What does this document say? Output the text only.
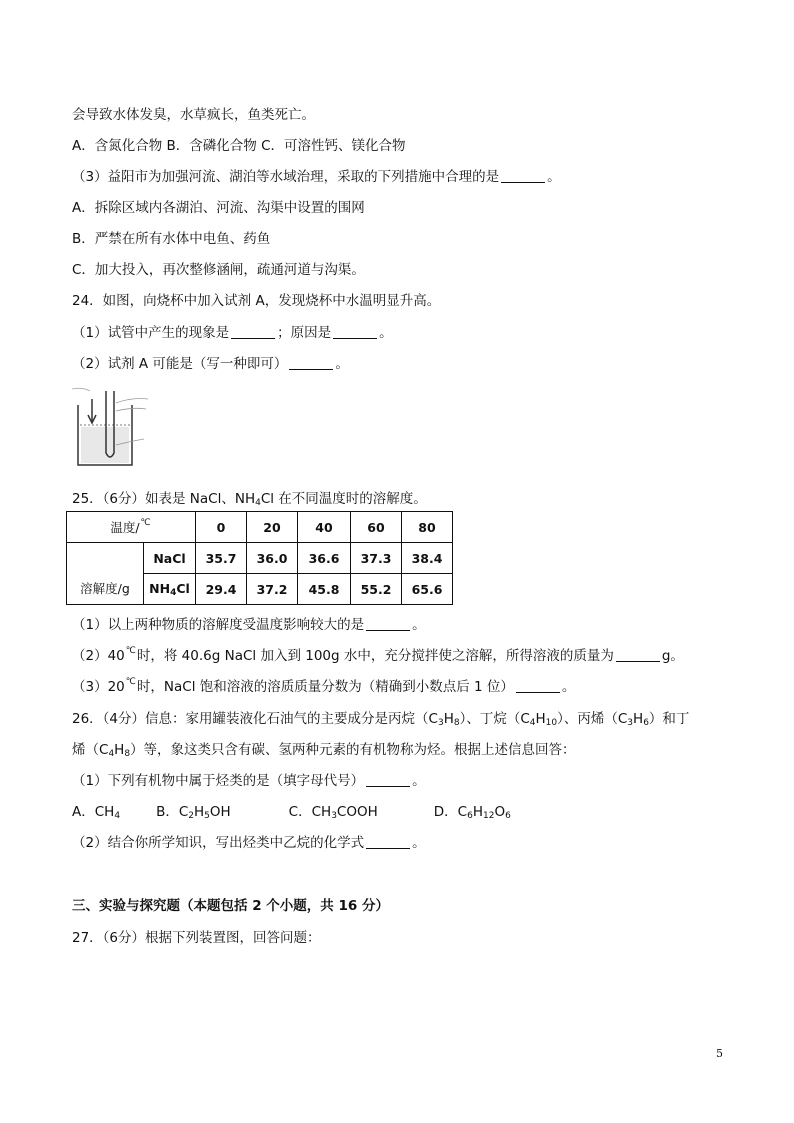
会导致水体发臭，水草疯长，鱼类死亡。
A．含氮化合物 B．含磷化合物 C．可溶性钙、镁化合物
（3）益阳市为加强河流、湖泊等水域治理，采取的下列措施中合理的是	。
A．拆除区域内各湖泊、河流、沟渠中设置的围网
B．严禁在所有水体中电鱼、药鱼
C．加大投入，再次整修涵闸，疏通河道与沟渠。
24．如图，向烧杯中加入试剂 A，发现烧杯中水温明显升高。
（1）试管中产生的现象是	；原因是	。
（2）试剂 A 可能是（写一种即可）	。
25．（6分）如表是 NaCl、$NH_4Cl$ 在不同温度时的溶解度。
温度/℃		0	20	40	60	80
溶解度/g	NaCl	35.7	36.0	36.6	37.3	38.4
	$NH_4Cl$	29.4	37.2	45.8	55.2	65.6
（1）以上两种物质的溶解度受温度影响较大的是	。
（2）40℃时，将 40.6g NaCl 加入到 100g 水中，充分搅拌使之溶解，所得溶液的质量为	g。
（3）20℃时，NaCl 饱和溶液的溶质质量分数为（精确到小数点后 1 位）	。
26．（4分）信息：家用罐装液化石油气的主要成分是丙烷$(C_3H_8)$、丁烷$(C_4H_{10})$、丙烯$(C_3H_6)$和丁
烯$(C_4H_8)$等，象这类只含有碳、氢两种元素的有机物称为烃。根据上述信息回答：
（1）下列有机物中属于烃类的是（填字母代号）	。
A．$CH_4$	B．$C_2H_5OH$	C．$CH_3COOH$	D．$C_6H_{12}O_6$
（2）结合你所学知识，写出烃类中乙烷的化学式	。
三、实验与探究题（本题包括 2 个小题，共 16 分）
27．（6分）根据下列装置图，回答问题：
5
